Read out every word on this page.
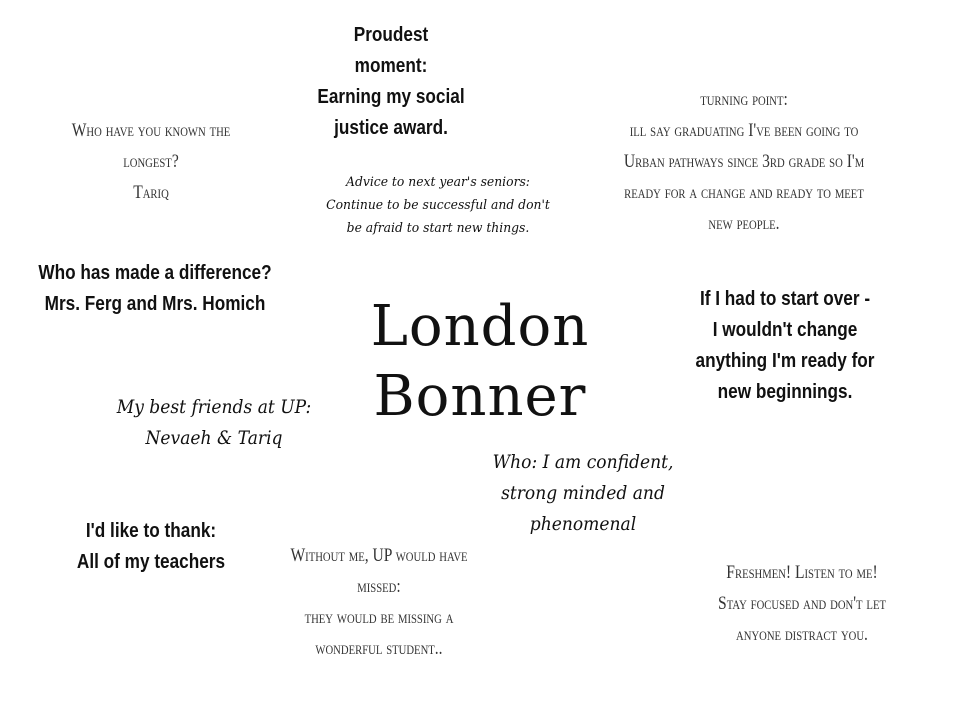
London
Bonner
Proudest
moment:
Earning my social
justice award.
Advice to next year's seniors:
Continue to be successful and don't
be afraid to start new things.
Who have you known the
longest?
Tariq
turning point:
ill say graduating I've been going to
Urban pathways since 3rd grade so I'm
ready for a change and ready to meet
new people.
Who has made a difference?
Mrs. Ferg and Mrs. Homich	If I had to start over -
I wouldn't change
anything I'm ready for
new beginnings.
My best friends at UP:
Nevaeh & Tariq
Who: I am confident,
strong minded and
phenomenal
I'd like to thank:
All of my teachers	Without me, UP would have
missed:
they would be missing a
wonderful student..
Freshmen! Listen to me!
Stay focused and don't let
anyone distract you.
